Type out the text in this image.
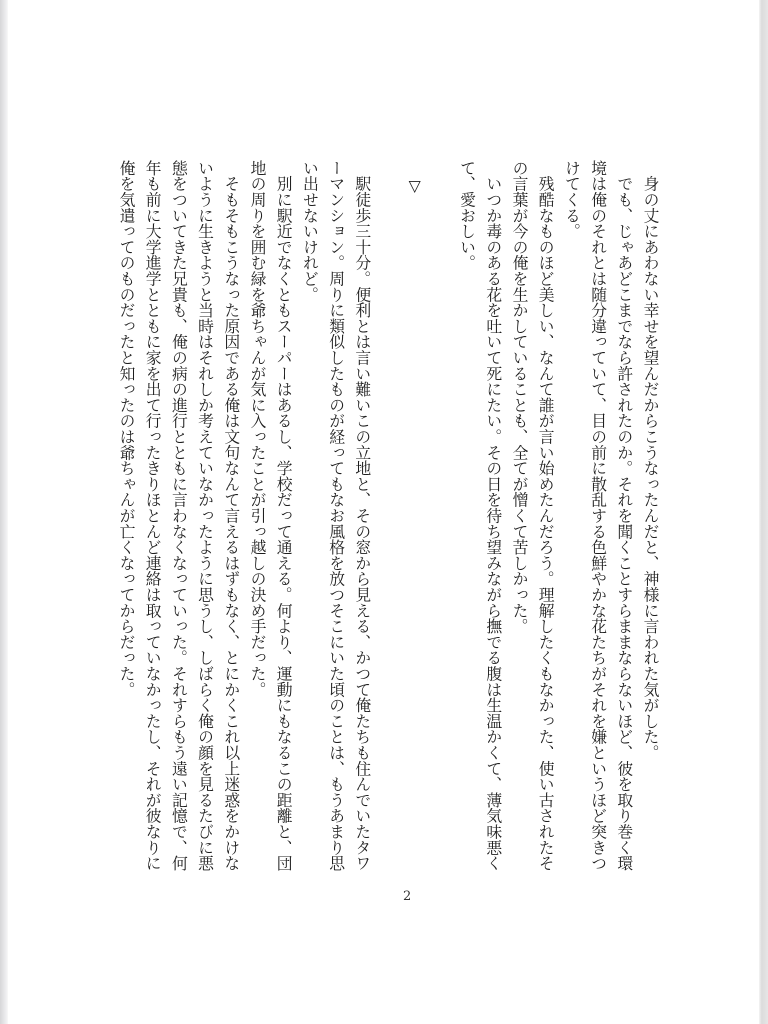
　身の丈にあわない幸せを望んだからこうなったんだと、神様に言われた気がした。
　でも、じゃあどこまでなら許されたのか。それを聞くことすらままならないほど、彼を取り巻く環
境は俺のそれとは随分違っていて、目の前に散乱する色鮮やかな花たちがそれを嫌というほど突きつ
けてくる。
　残酷なものほど美しい、なんて誰が言い始めたんだろう。理解したくもなかった、使い古されたそ
の言葉が今の俺を生かしていることも、全てが憎くて苦しかった。
　いつか毒のある花を吐いて死にたい。その日を待ち望みながら撫でる腹は生温かくて、薄気味悪く
て、愛おしい。
　▽
　駅徒歩三十分。便利とは言い難いこの立地と、その窓から見える、かつて俺たちも住んでいたタワ
ーマンション。周りに類似したものが経ってもなお風格を放つそこにいた頃のことは、もうあまり思
い出せないけれど。
　別に駅近でなくともスーパーはあるし、学校だって通える。何より、運動にもなるこの距離と、団
地の周りを囲む緑を爺ちゃんが気に入ったことが引っ越しの決め手だった。
　そもそもこうなった原因である俺は文句なんて言えるはずもなく、とにかくこれ以上迷惑をかけな
いように生きようと当時はそれしか考えていなかったように思うし、しばらく俺の顔を見るたびに悪
態をついてきた兄貴も、俺の病の進行とともに言わなくなっていった。それすらもう遠い記憶で、何
年も前に大学進学とともに家を出て行ったきりほとんど連絡は取っていなかったし、それが彼なりに
俺を気遣ってのものだったと知ったのは爺ちゃんが亡くなってからだった。
2
